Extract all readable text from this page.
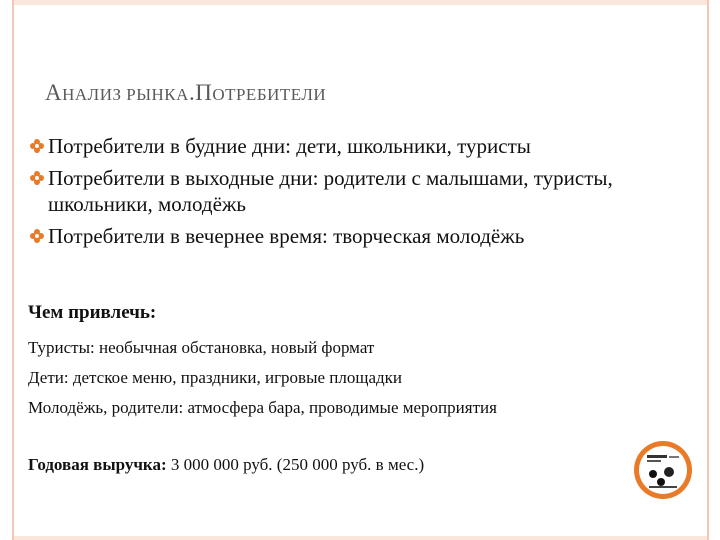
АНАЛИЗ РЫНКА.ПОТРЕБИТЕЛИ
Потребители в будние дни: дети, школьники, туристы
Потребители в выходные дни: родители с малышами, туристы, школьники, молодёжь
Потребители в вечернее время: творческая молодёжь
Чем привлечь:
Туристы: необычная обстановка, новый формат
Дети: детское меню, праздники, игровые площадки
Молодёжь, родители: атмосфера бара, проводимые мероприятия
Годовая выручка: 3 000 000 руб. (250 000 руб. в мес.)
